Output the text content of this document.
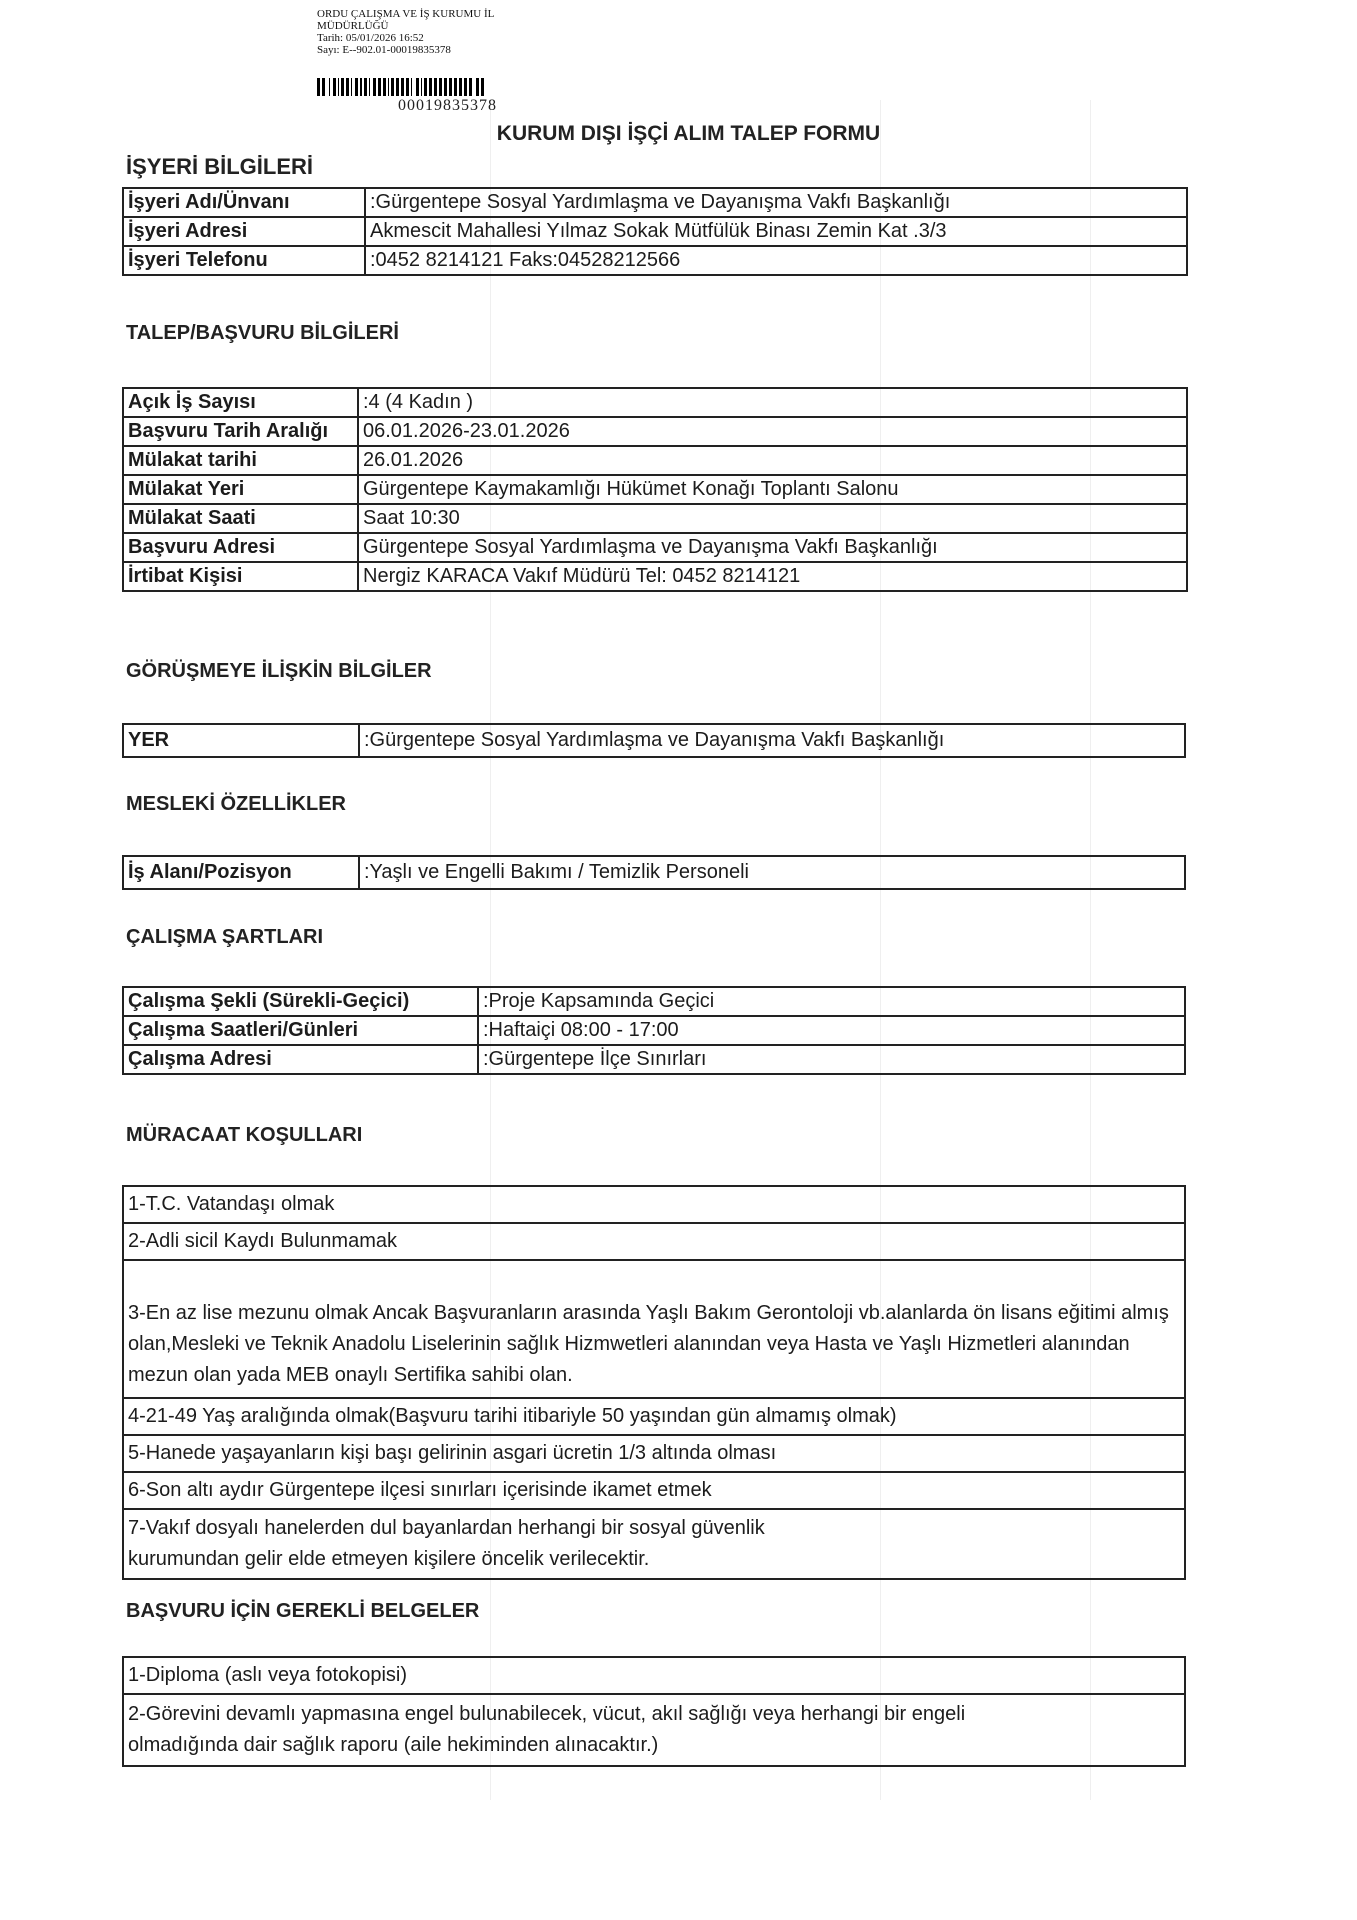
ORDU ÇALIŞMA VE İŞ KURUMU İL
MÜDÜRLÜĞÜ
Tarih: 05/01/2026 16:52
Sayı: E--902.01-00019835378
00019835378
KURUM DIŞI İŞÇİ ALIM TALEP FORMU
İŞYERİ BİLGİLERİ
İşyeri Adı/Ünvanı	:Gürgentepe Sosyal Yardımlaşma ve Dayanışma Vakfı Başkanlığı
İşyeri Adresi	Akmescit Mahallesi Yılmaz Sokak Mütfülük Binası Zemin Kat .3/3
İşyeri Telefonu	:0452 8214121 Faks:04528212566
TALEP/BAŞVURU BİLGİLERİ
Açık İş Sayısı	:4 (4 Kadın )
Başvuru Tarih Aralığı	06.01.2026-23.01.2026
Mülakat tarihi	26.01.2026
Mülakat Yeri	Gürgentepe Kaymakamlığı Hükümet Konağı Toplantı Salonu
Mülakat Saati	Saat 10:30
Başvuru Adresi	Gürgentepe Sosyal Yardımlaşma ve Dayanışma Vakfı Başkanlığı
İrtibat Kişisi	Nergiz KARACA Vakıf Müdürü Tel: 0452 8214121
GÖRÜŞMEYE İLİŞKİN BİLGİLER
YER	:Gürgentepe Sosyal Yardımlaşma ve Dayanışma Vakfı Başkanlığı
MESLEKİ ÖZELLİKLER
İş Alanı/Pozisyon	:Yaşlı ve Engelli Bakımı / Temizlik Personeli
ÇALIŞMA ŞARTLARI
Çalışma Şekli (Sürekli-Geçici)	:Proje Kapsamında Geçici
Çalışma Saatleri/Günleri	:Haftaiçi 08:00 - 17:00
Çalışma Adresi	:Gürgentepe İlçe Sınırları
MÜRACAAT KOŞULLARI
1-T.C. Vatandaşı olmak
2-Adli sicil Kaydı Bulunmamak
3-En az lise mezunu olmak Ancak Başvuranların arasında Yaşlı Bakım Gerontoloji vb.alanlarda ön lisans eğitimi almış olan,Mesleki ve Teknik Anadolu Liselerinin sağlık Hizmwetleri alanından veya Hasta ve Yaşlı Hizmetleri alanından mezun olan yada MEB onaylı Sertifika sahibi olan.
4-21-49 Yaş aralığında olmak(Başvuru tarihi itibariyle 50 yaşından gün almamış olmak)
5-Hanede yaşayanların kişi başı gelirinin asgari ücretin 1/3 altında olması
6-Son altı aydır Gürgentepe ilçesi sınırları içerisinde ikamet etmek
7-Vakıf dosyalı hanelerden dul bayanlardan herhangi bir sosyal güvenlik kurumundan gelir elde etmeyen kişilere öncelik verilecektir.
BAŞVURU İÇİN GEREKLİ BELGELER
1-Diploma (aslı veya fotokopisi)
2-Görevini devamlı yapmasına engel bulunabilecek, vücut, akıl sağlığı veya herhangi bir engeli olmadığında dair sağlık raporu (aile hekiminden alınacaktır.)
